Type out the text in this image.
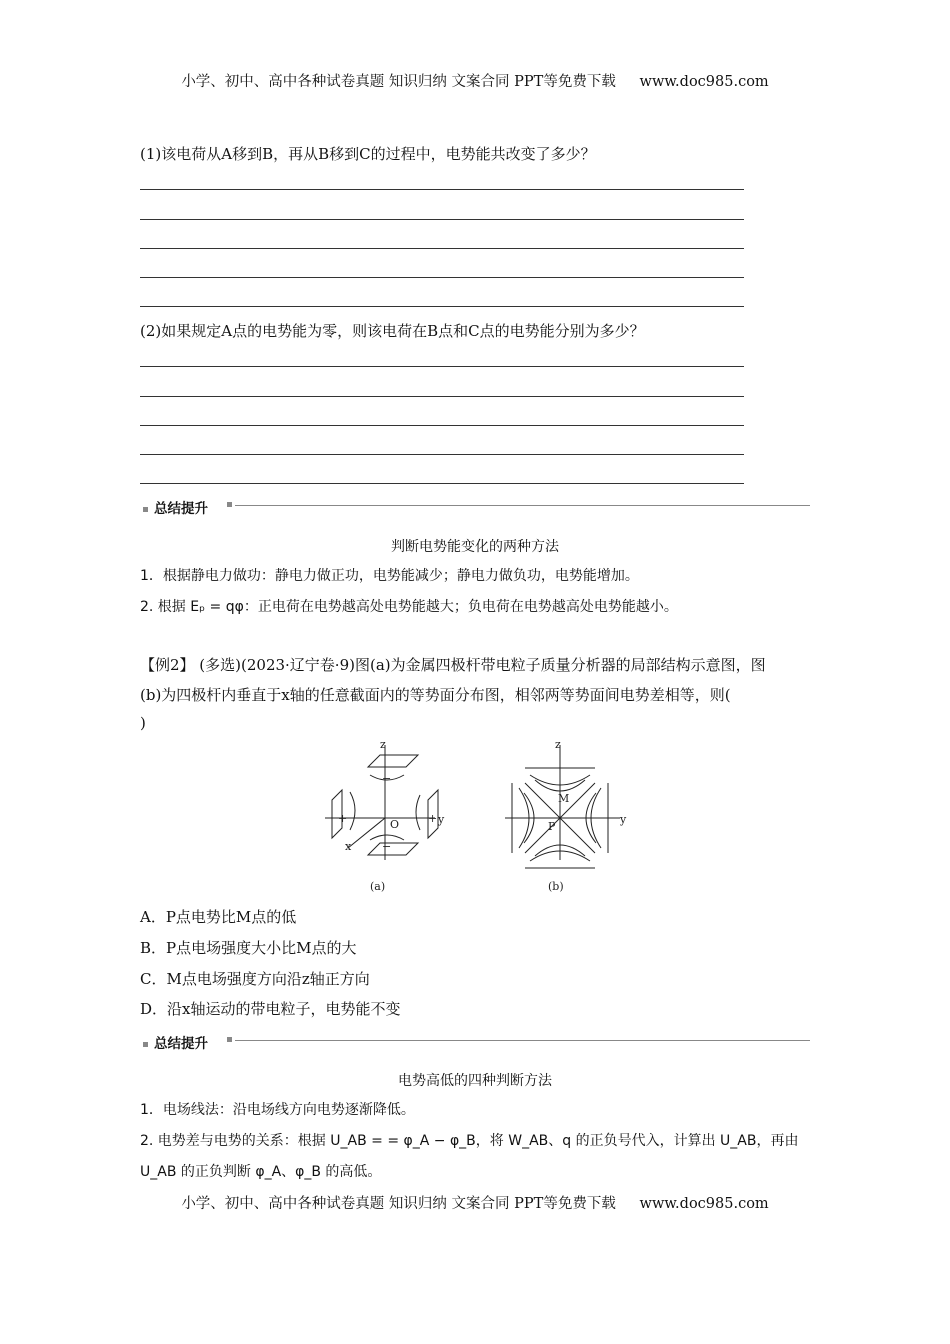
小学、初中、高中各种试卷真题 知识归纳 文案合同 PPT等免费下载 　 www.doc985.com
(1)该电荷从A移到B，再从B移到C的过程中，电势能共改变了多少？
(2)如果规定A点的电势能为零，则该电荷在B点和C点的电势能分别为多少？
总结提升
判断电势能变化的两种方法
1．根据静电力做功：静电力做正功，电势能减少；静电力做负功，电势能增加。
2. 根据 Eₚ = qφ：正电荷在电势越高处电势能越大；负电荷在电势越高处电势能越小。
【例2】 (多选)(2023·辽宁卷·9)图(a)为金属四极杆带电粒子质量分析器的局部结构示意图，图
(b)为四极杆内垂直于x轴的任意截面内的等势面分布图，相邻两等势面间电势差相等，则(
)
z
y
O
x
+	+
−
−
(a)
z
y
M
P
(b)
A．P点电势比M点的低
B．P点电场强度大小比M点的大
C．M点电场强度方向沿z轴正方向
D．沿x轴运动的带电粒子，电势能不变
总结提升
电势高低的四种判断方法
1．电场线法：沿电场线方向电势逐渐降低。
2. 电势差与电势的关系：根据 U_AB = = φ_A − φ_B，将 W_AB、q 的正负号代入，计算出 U_AB，再由
U_AB 的正负判断 φ_A、φ_B 的高低。
小学、初中、高中各种试卷真题 知识归纳 文案合同 PPT等免费下载 　 www.doc985.com
